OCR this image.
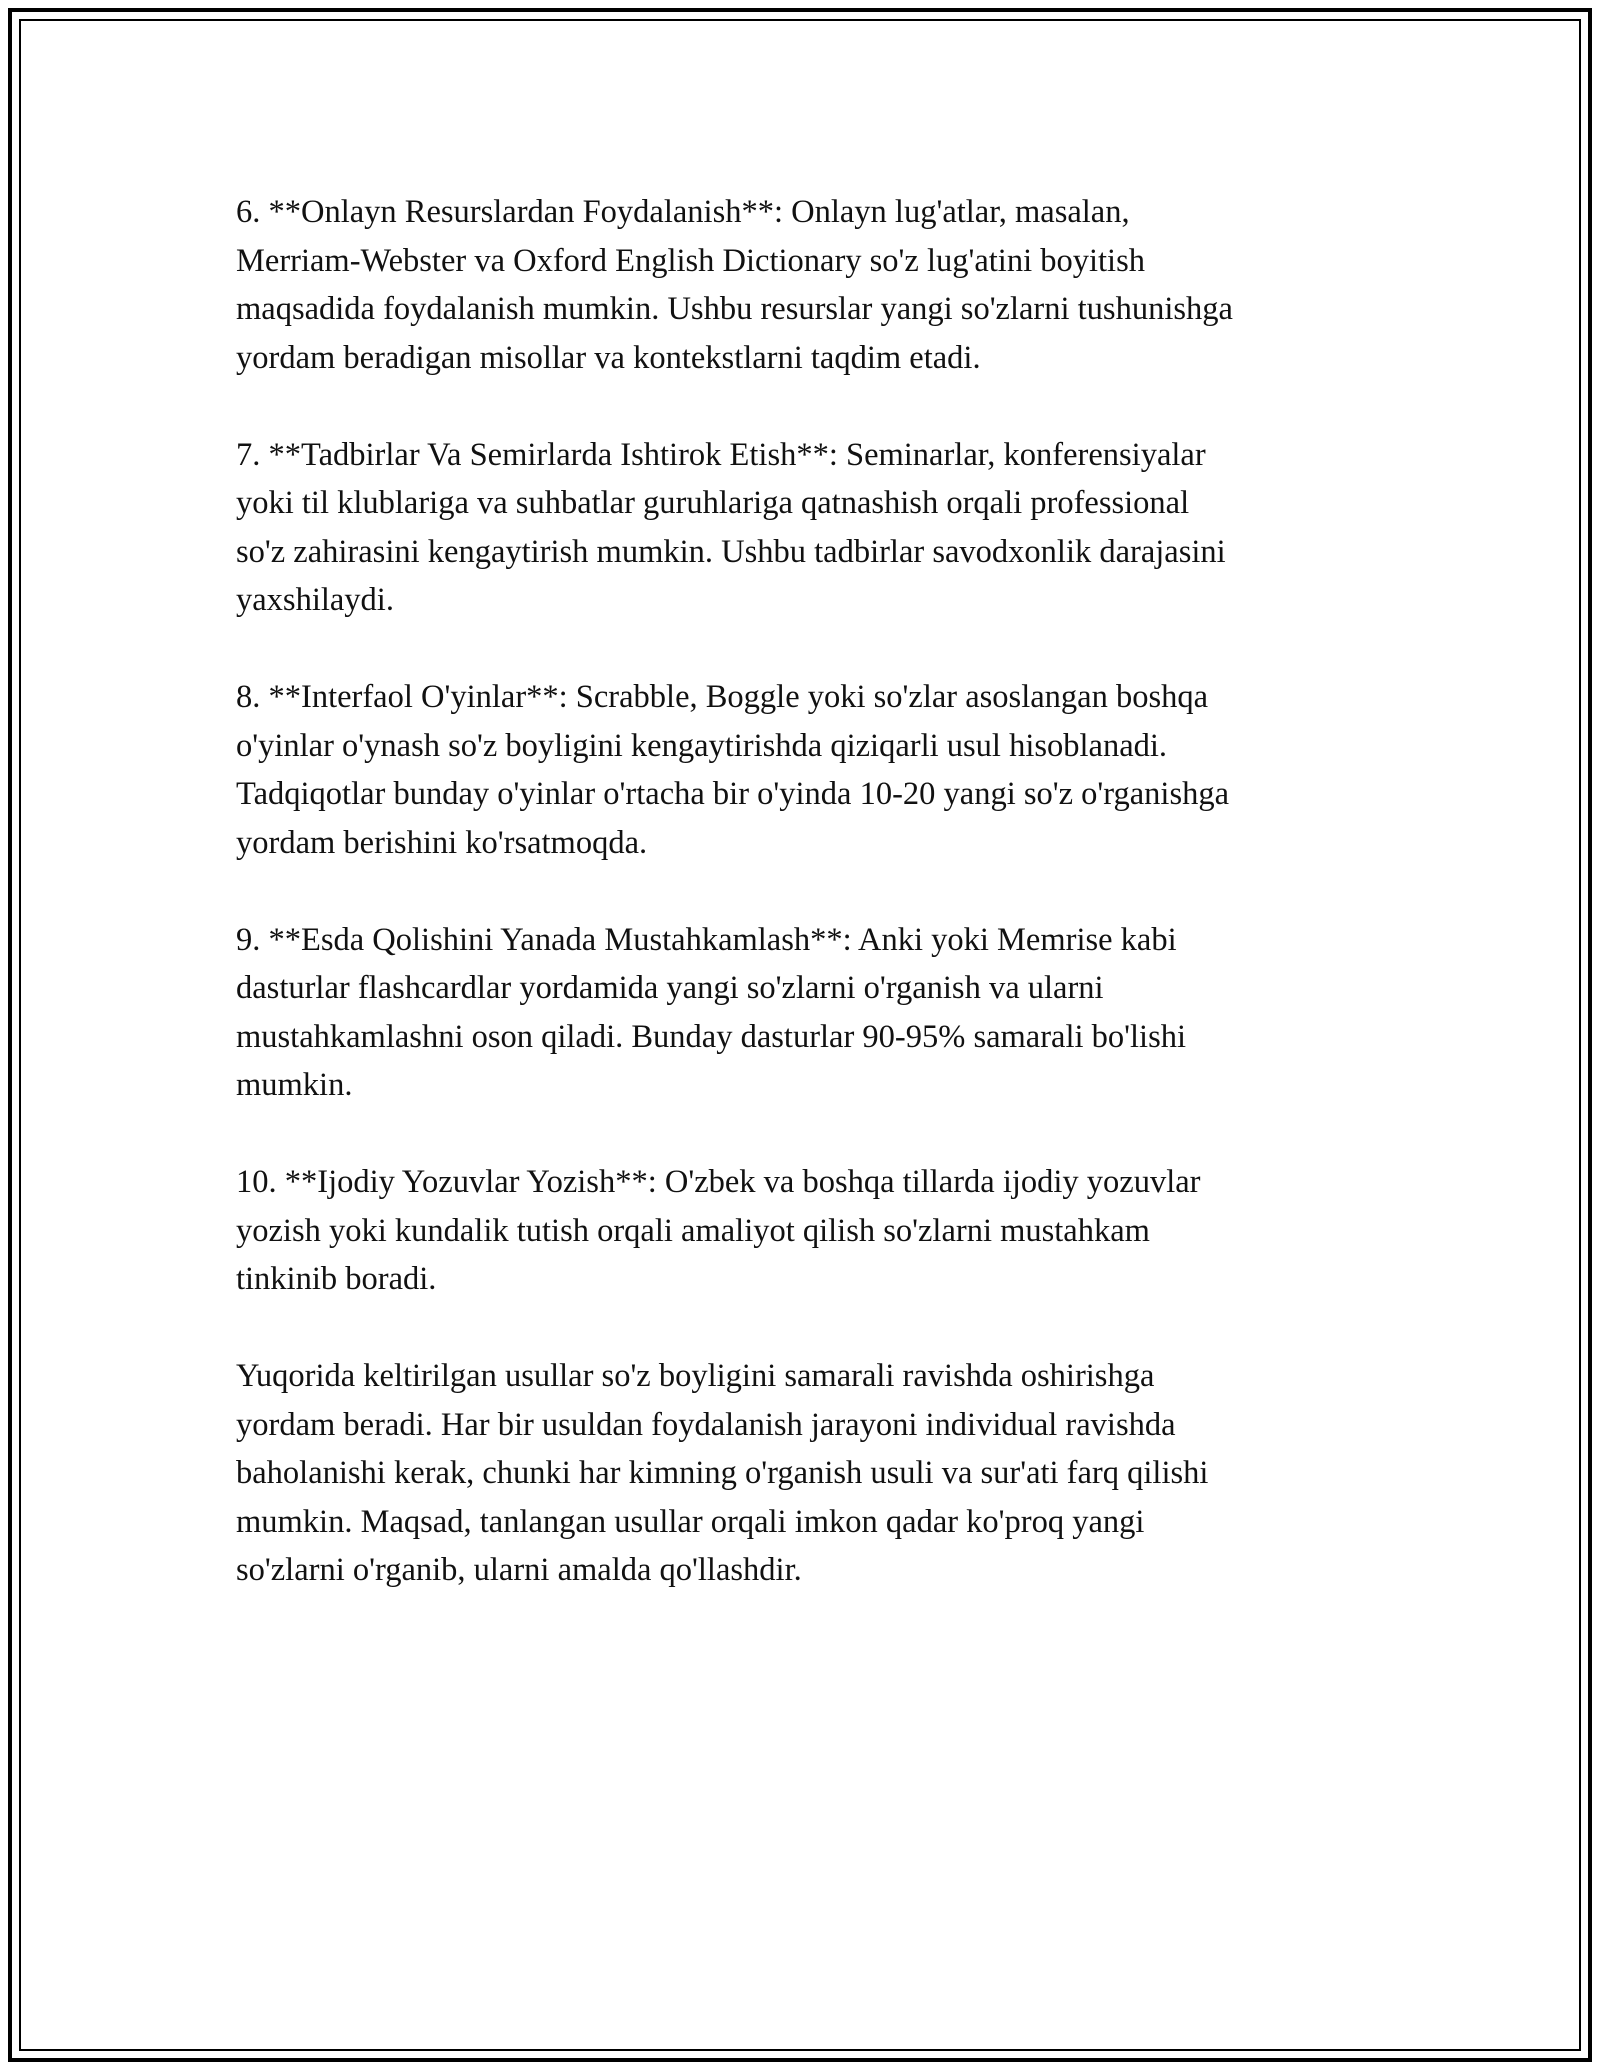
6. **Onlayn Resurslardan Foydalanish**: Onlayn lug'atlar, masalan,
Merriam-Webster va Oxford English Dictionary so'z lug'atini boyitish
maqsadida foydalanish mumkin. Ushbu resurslar yangi so'zlarni tushunishga
yordam beradigan misollar va kontekstlarni taqdim etadi.

7. **Tadbirlar Va Semirlarda Ishtirok Etish**: Seminarlar, konferensiyalar
yoki til klublariga va suhbatlar guruhlariga qatnashish orqali professional
so'z zahirasini kengaytirish mumkin. Ushbu tadbirlar savodxonlik darajasini
yaxshilaydi.

8. **Interfaol O'yinlar**: Scrabble, Boggle yoki so'zlar asoslangan boshqa
o'yinlar o'ynash so'z boyligini kengaytirishda qiziqarli usul hisoblanadi.
Tadqiqotlar bunday o'yinlar o'rtacha bir o'yinda 10-20 yangi so'z o'rganishga
yordam berishini ko'rsatmoqda.

9. **Esda Qolishini Yanada Mustahkamlash**: Anki yoki Memrise kabi
dasturlar flashcardlar yordamida yangi so'zlarni o'rganish va ularni
mustahkamlashni oson qiladi. Bunday dasturlar 90-95% samarali bo'lishi
mumkin.

10. **Ijodiy Yozuvlar Yozish**: O'zbek va boshqa tillarda ijodiy yozuvlar
yozish yoki kundalik tutish orqali amaliyot qilish so'zlarni mustahkam
tinkinib boradi.

Yuqorida keltirilgan usullar so'z boyligini samarali ravishda oshirishga
yordam beradi. Har bir usuldan foydalanish jarayoni individual ravishda
baholanishi kerak, chunki har kimning o'rganish usuli va sur'ati farq qilishi
mumkin. Maqsad, tanlangan usullar orqali imkon qadar ko'proq yangi
so'zlarni o'rganib, ularni amalda qo'llashdir.
